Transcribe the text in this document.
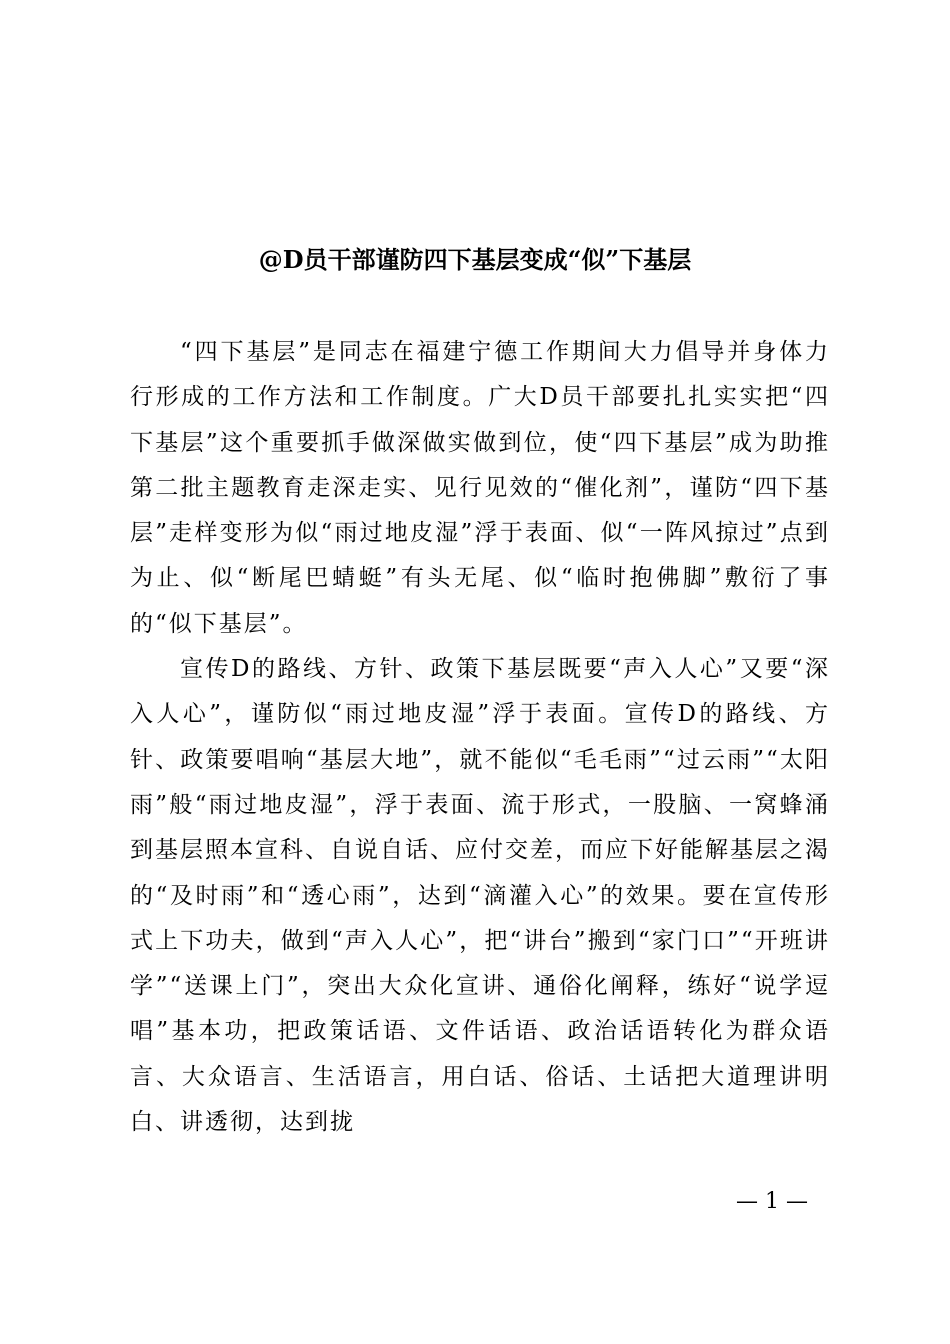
@D员干部谨防四下基层变成“似”下基层

“四下基层”是同志在福建宁德工作期间大力倡导并身体力行形成的工作方法和工作制度。广大D员干部要扎扎实实把“四下基层”这个重要抓手做深做实做到位，使“四下基层”成为助推第二批主题教育走深走实、见行见效的“催化剂”，谨防“四下基层”走样变形为似“雨过地皮湿”浮于表面、似“一阵风掠过”点到为止、似“断尾巴蜻蜓”有头无尾、似“临时抱佛脚”敷衍了事的“似下基层”。

宣传D的路线、方针、政策下基层既要“声入人心”又要“深入人心”，谨防似“雨过地皮湿”浮于表面。宣传D的路线、方针、政策要唱响“基层大地”，就不能似“毛毛雨”“过云雨”“太阳雨”般“雨过地皮湿”，浮于表面、流于形式，一股脑、一窝蜂涌到基层照本宣科、自说自话、应付交差，而应下好能解基层之渴的“及时雨”和“透心雨”，达到“滴灌入心”的效果。要在宣传形式上下功夫，做到“声入人心”，把“讲台”搬到“家门口”“开班讲学”“送课上门”，突出大众化宣讲、通俗化阐释，练好“说学逗唱”基本功，把政策话语、文件话语、政治话语转化为群众语言、大众语言、生活语言，用白话、俗话、土话把大道理讲明白、讲透彻，达到拢

— 1 —
